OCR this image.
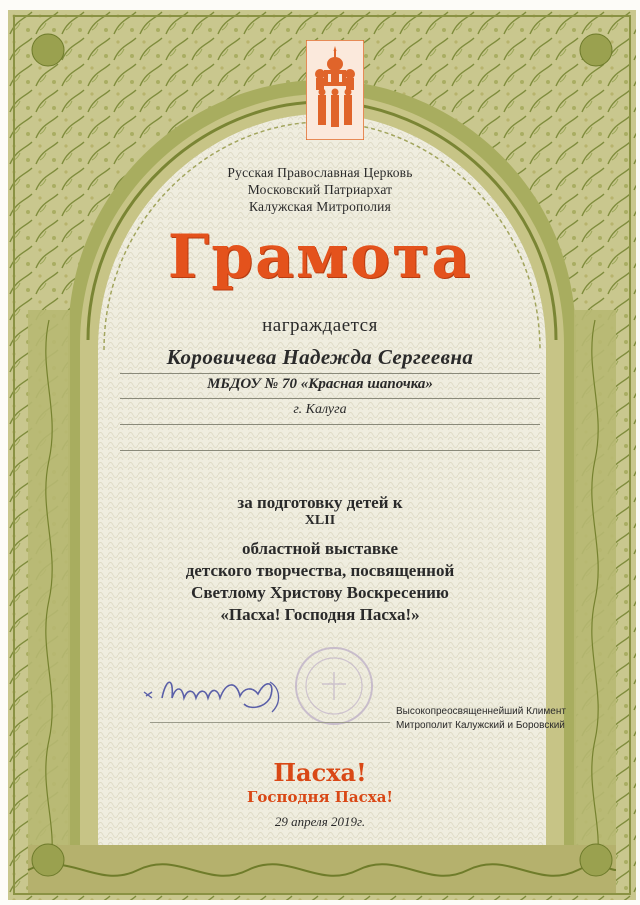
Русская Православная Церковь
Московский Патриархат
Калужская Митрополия
Грамота
награждается
Коровичева Надежда Сергеевна
МБДОУ № 70 «Красная шапочка»
г. Калуга
за подготовку детей к
XLII
областной выставке
детского творчества, посвященной
Светлому Христову Воскресению
«Пасха! Господня Пасха!»
Высокопреосвященнейший Климент
Митрополит Калужский и Боровский
Пасха!
Господня Пасха!
29 апреля 2019г.
